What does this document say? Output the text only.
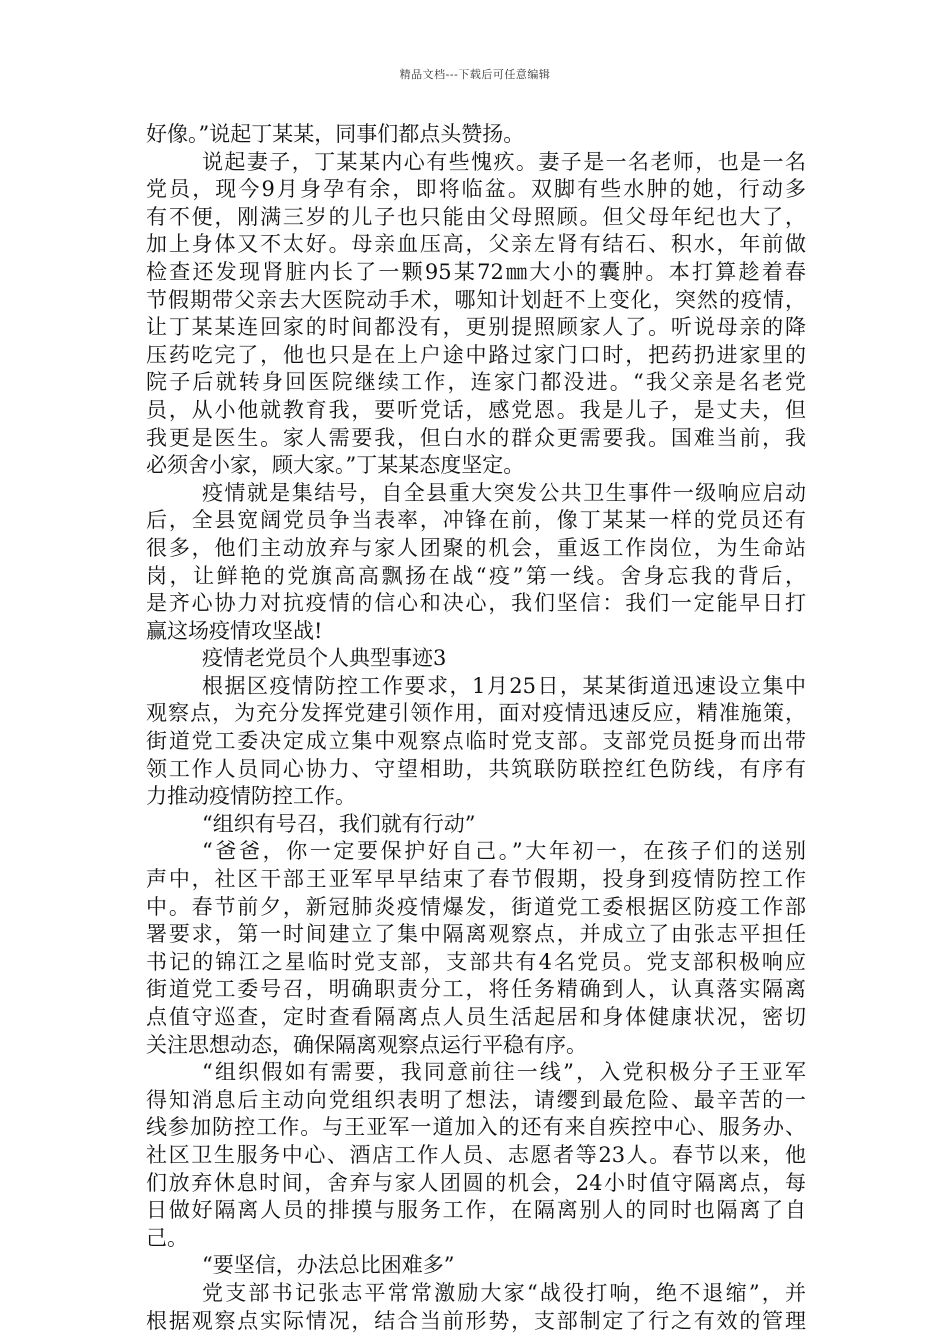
精品文档---下载后可任意编辑
好像。”说起丁某某，同事们都点头赞扬。
说起妻子，丁某某内心有些愧疚。妻子是一名老师，也是一名
党员，现今9月身孕有余，即将临盆。双脚有些水肿的她，行动多
有不便，刚满三岁的儿子也只能由父母照顾。但父母年纪也大了，
加上身体又不太好。母亲血压高，父亲左肾有结石、积水，年前做
检查还发现肾脏内长了一颗95某72㎜大小的囊肿。本打算趁着春
节假期带父亲去大医院动手术，哪知计划赶不上变化，突然的疫情，
让丁某某连回家的时间都没有，更别提照顾家人了。听说母亲的降
压药吃完了，他也只是在上户途中路过家门口时，把药扔进家里的
院子后就转身回医院继续工作，连家门都没进。“我父亲是名老党
员，从小他就教育我，要听党话，感党恩。我是儿子，是丈夫，但
我更是医生。家人需要我，但白水的群众更需要我。国难当前，我
必须舍小家，顾大家。”丁某某态度坚定。
疫情就是集结号，自全县重大突发公共卫生事件一级响应启动
后，全县宽阔党员争当表率，冲锋在前，像丁某某一样的党员还有
很多，他们主动放弃与家人团聚的机会，重返工作岗位，为生命站
岗，让鲜艳的党旗高高飘扬在战“疫”第一线。舍身忘我的背后，
是齐心协力对抗疫情的信心和决心，我们坚信：我们一定能早日打
赢这场疫情攻坚战!
疫情老党员个人典型事迹3
根据区疫情防控工作要求，1月25日，某某街道迅速设立集中
观察点，为充分发挥党建引领作用，面对疫情迅速反应，精准施策，
街道党工委决定成立集中观察点临时党支部。支部党员挺身而出带
领工作人员同心协力、守望相助，共筑联防联控红色防线，有序有
力推动疫情防控工作。
“组织有号召，我们就有行动”
“爸爸，你一定要保护好自己。”大年初一，在孩子们的送别
声中，社区干部王亚军早早结束了春节假期，投身到疫情防控工作
中。春节前夕，新冠肺炎疫情爆发，街道党工委根据区防疫工作部
署要求，第一时间建立了集中隔离观察点，并成立了由张志平担任
书记的锦江之星临时党支部，支部共有4名党员。党支部积极响应
街道党工委号召，明确职责分工，将任务精确到人，认真落实隔离
点值守巡查，定时查看隔离点人员生活起居和身体健康状况，密切
关注思想动态，确保隔离观察点运行平稳有序。
“组织假如有需要，我同意前往一线”，入党积极分子王亚军
得知消息后主动向党组织表明了想法，请缨到最危险、最辛苦的一
线参加防控工作。与王亚军一道加入的还有来自疾控中心、服务办、
社区卫生服务中心、酒店工作人员、志愿者等23人。春节以来，他
们放弃休息时间，舍弃与家人团圆的机会，24小时值守隔离点，每
日做好隔离人员的排摸与服务工作，在隔离别人的同时也隔离了自
己。
“要坚信，办法总比困难多”
党支部书记张志平常常激励大家“战役打响，绝不退缩”，并
根据观察点实际情况，结合当前形势，支部制定了行之有效的管理
